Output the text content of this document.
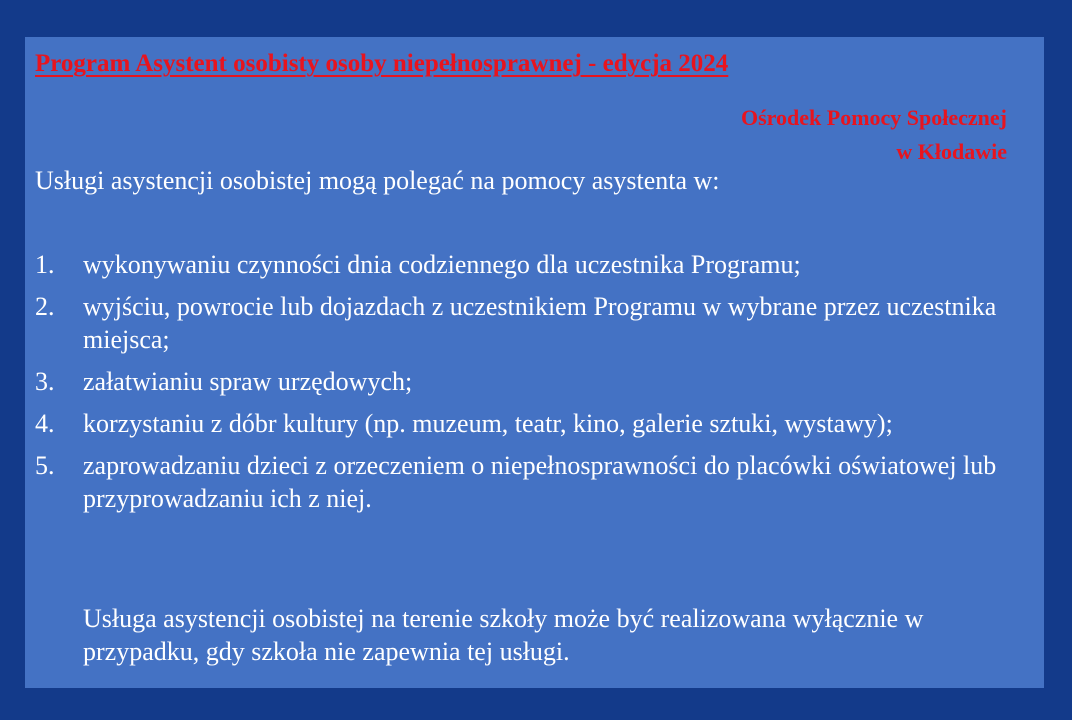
Program Asystent osobisty osoby niepełnosprawnej - edycja 2024
Ośrodek Pomocy Społecznej
w Kłodawie

Usługi asystencji osobistej mogą polegać na pomocy asystenta w:

1. wykonywaniu czynności dnia codziennego dla uczestnika Programu;
2. wyjściu, powrocie lub dojazdach z uczestnikiem Programu w wybrane przez uczestnika miejsca;
3. załatwianiu spraw urzędowych;
4. korzystaniu z dóbr kultury (np. muzeum, teatr, kino, galerie sztuki, wystawy);
5. zaprowadzaniu dzieci z orzeczeniem o niepełnosprawności do placówki oświatowej lub przyprowadzaniu ich z niej.

Usługa asystencji osobistej na terenie szkoły może być realizowana wyłącznie w przypadku, gdy szkoła nie zapewnia tej usługi.
